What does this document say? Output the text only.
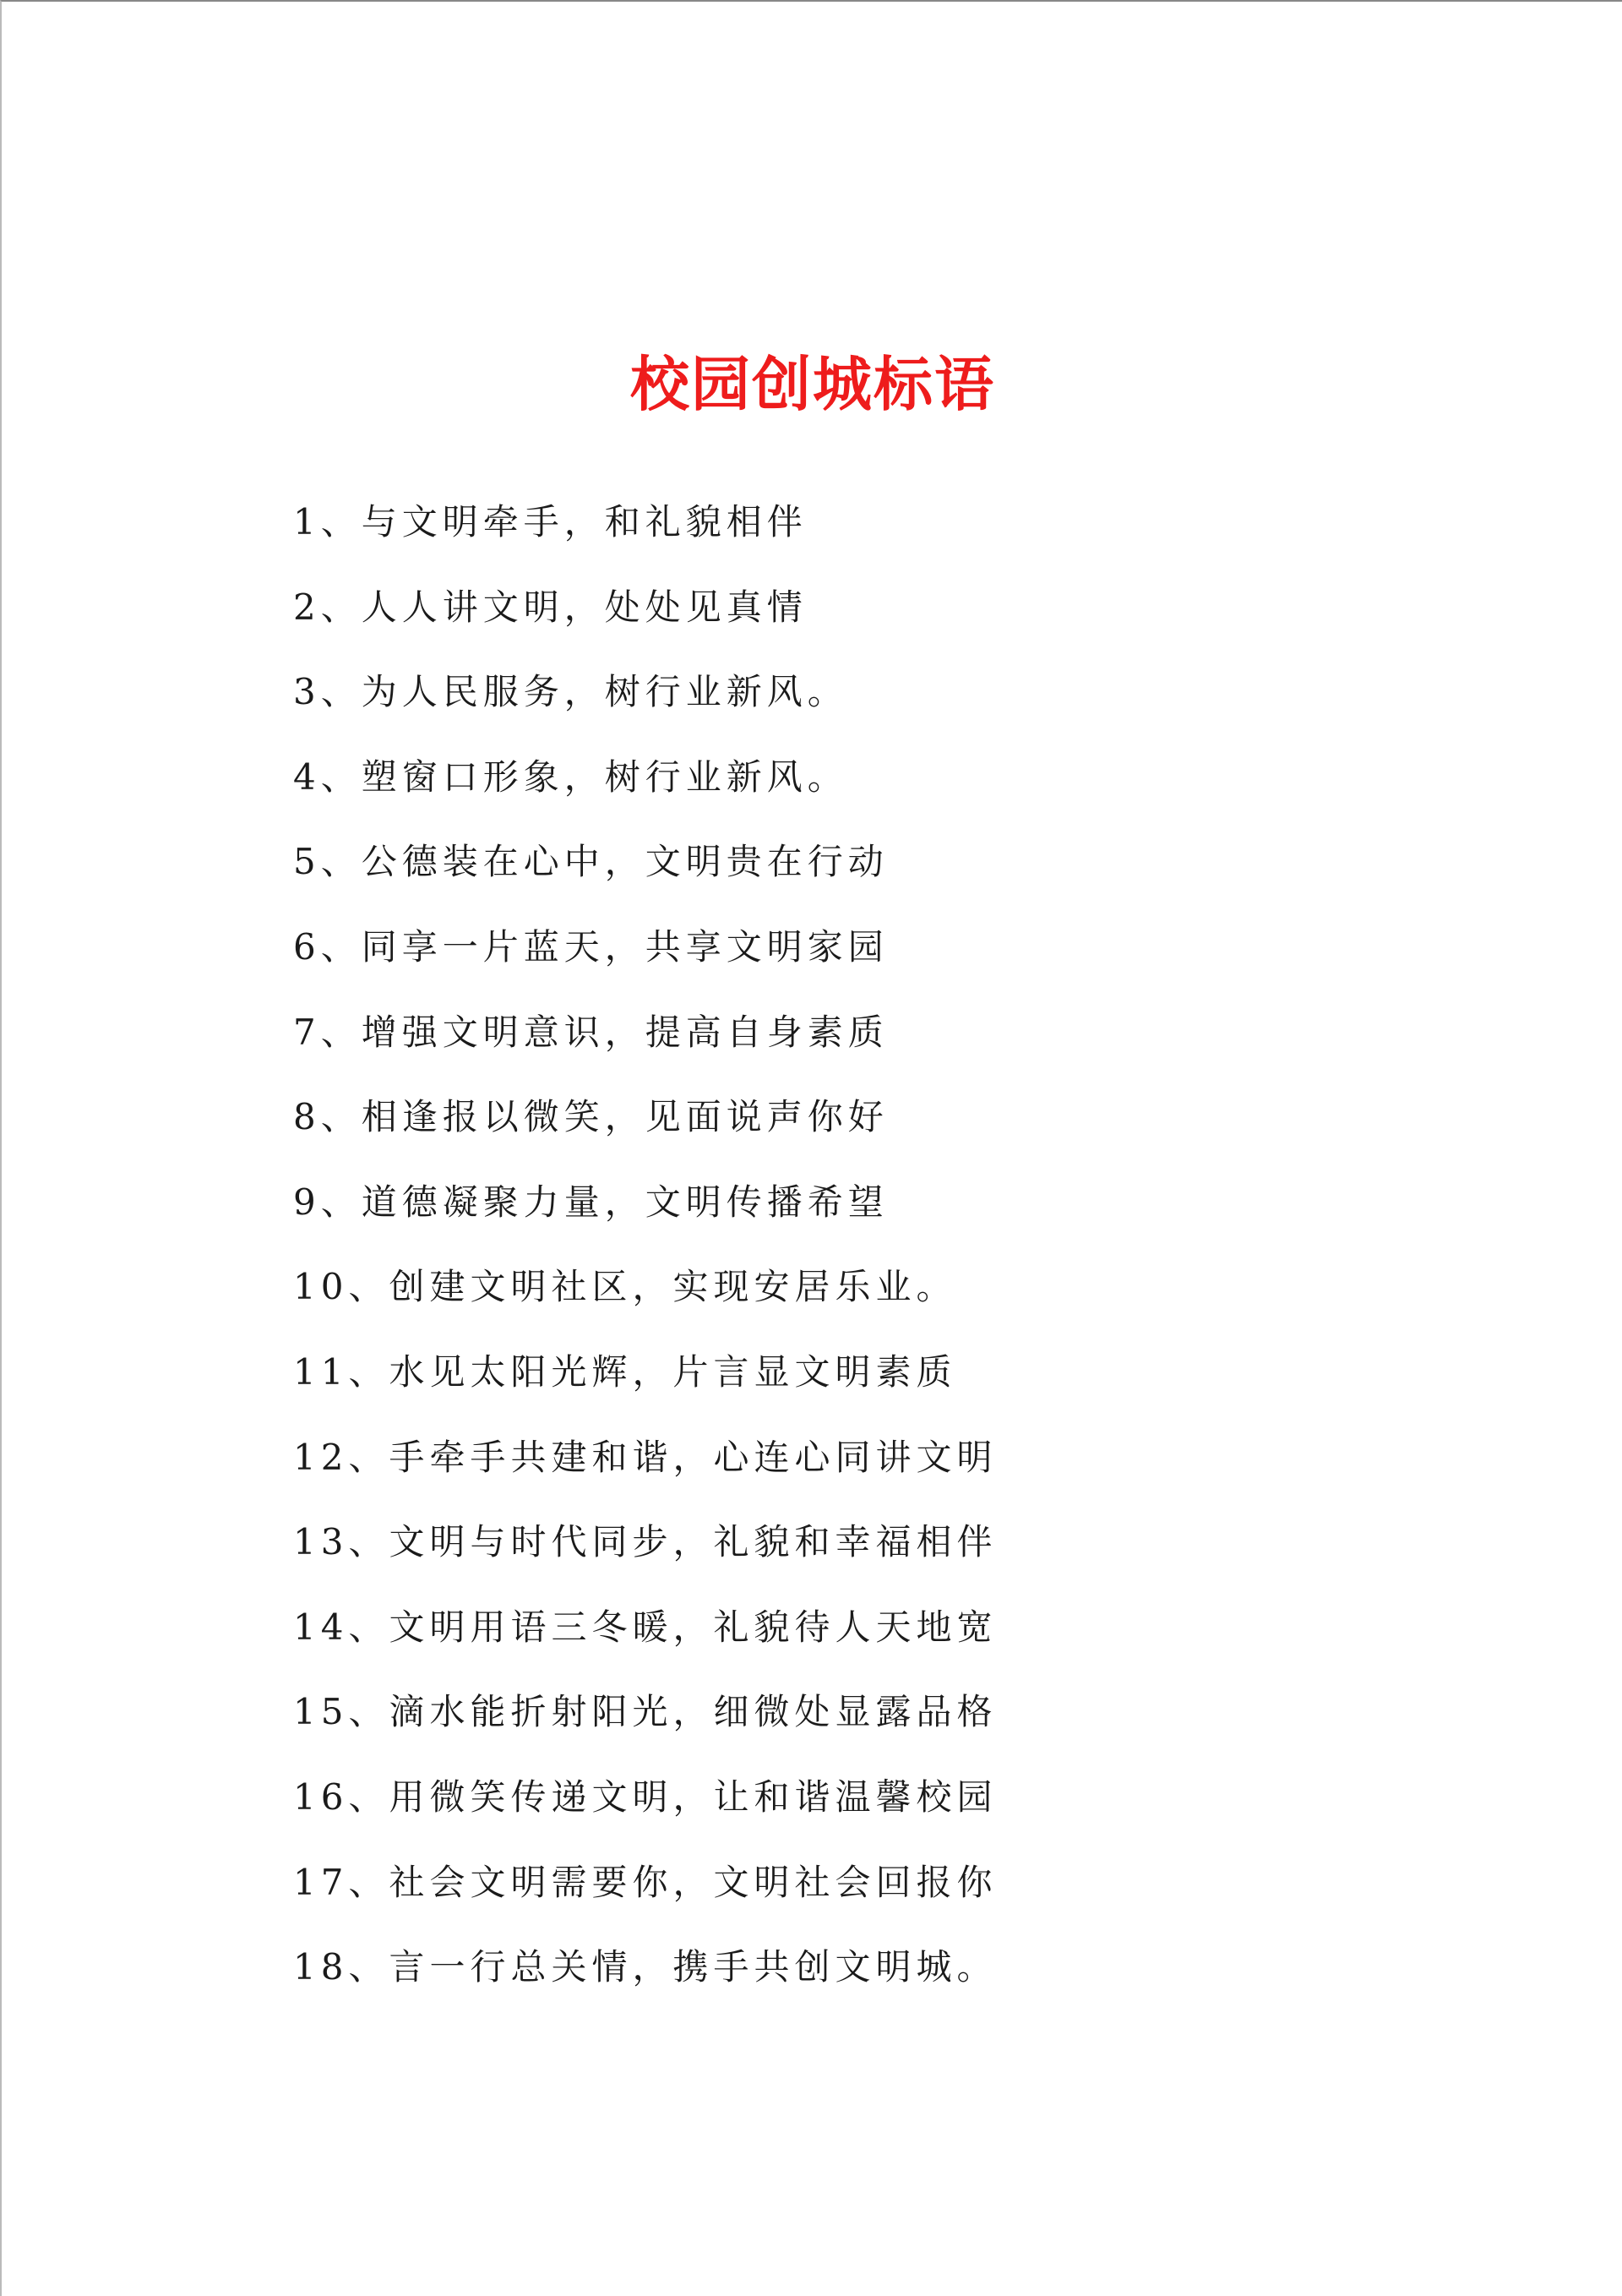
校园创城标语
1、与文明牵手，和礼貌相伴
2、人人讲文明，处处见真情
3、为人民服务，树行业新风。
4、塑窗口形象，树行业新风。
5、公德装在心中，文明贵在行动
6、同享一片蓝天，共享文明家园
7、增强文明意识，提高自身素质
8、相逢报以微笑，见面说声你好
9、道德凝聚力量，文明传播希望
10、创建文明社区，实现安居乐业。
11、水见太阳光辉，片言显文明素质
12、手牵手共建和谐，心连心同讲文明
13、文明与时代同步，礼貌和幸福相伴
14、文明用语三冬暖，礼貌待人天地宽
15、滴水能折射阳光，细微处显露品格
16、用微笑传递文明，让和谐温馨校园
17、社会文明需要你，文明社会回报你
18、言一行总关情，携手共创文明城。
